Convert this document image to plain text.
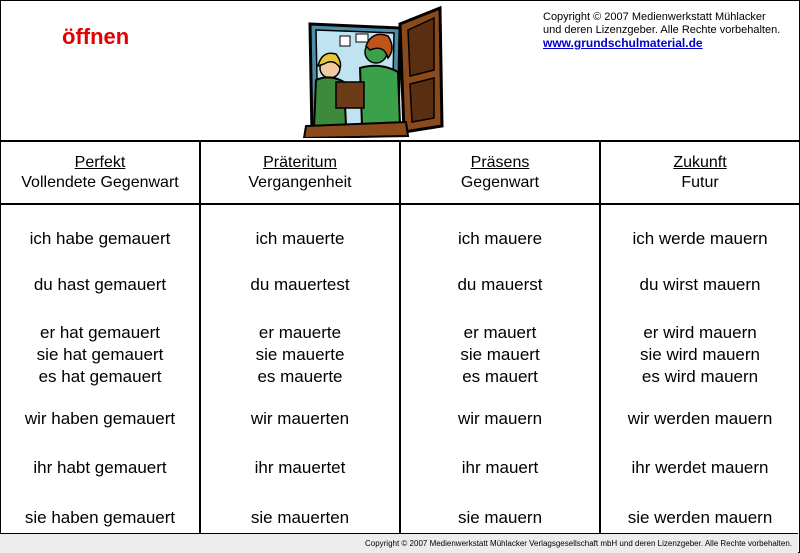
öffnen
Copyright © 2007 Medienwerkstatt Mühlacker
und deren Lizenzgeber. Alle Rechte vorbehalten.
www.grundschulmaterial.de
Perfekt
Vollendete Gegenwart
ich habe gemauert
du hast gemauert
er hat gemauert
sie hat gemauert
es hat gemauert
wir haben gemauert
ihr habt gemauert
sie haben gemauert
Präteritum
Vergangenheit
ich mauerte
du mauertest
er mauerte
sie mauerte
es mauerte
wir mauerten
ihr mauertet
sie mauerten
Präsens
Gegenwart
ich mauere
du mauerst
er mauert
sie mauert
es mauert
wir mauern
ihr mauert
sie mauern
Zukunft
Futur
ich werde mauern
du wirst mauern
er wird mauern
sie wird mauern
es wird mauern
wir werden mauern
ihr werdet mauern
sie werden mauern
Copyright © 2007 Medienwerkstatt Mühlacker Verlagsgesellschaft mbH und deren Lizenzgeber. Alle Rechte vorbehalten.
